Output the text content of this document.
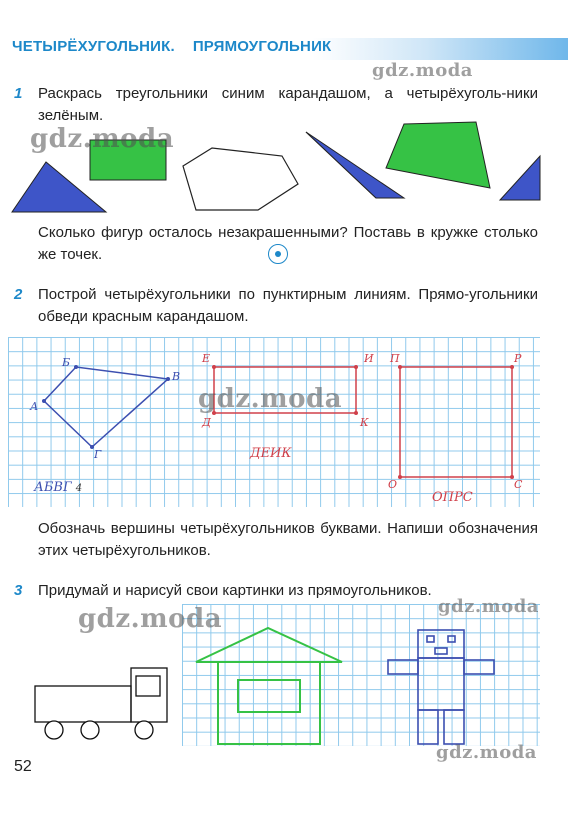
ЧЕТЫРЁХУГОЛЬНИК. ПРЯМОУГОЛЬНИК
1 Раскрась треугольники синим карандашом, а четырёхуголь-ники зелёным.
Сколько фигур осталось незакрашенными? Поставь в кружке столько же точек.
2 Построй четырёхугольники по пунктирным линиям. Прямо-угольники обведи красным карандашом.
Б
В
А
Г
Е	И
Д	К
П	Р
О	С
АБВГ 4
ДЕИК
ОПРС
Обозначь вершины четырёхугольников буквами. Напиши обозначения этих четырёхугольников.
3 Придумай и нарисуй свои картинки из прямоугольников.
gdz.moda
gdz.moda
gdz.moda
gdz.moda
gdz.moda
gdz.moda
52
